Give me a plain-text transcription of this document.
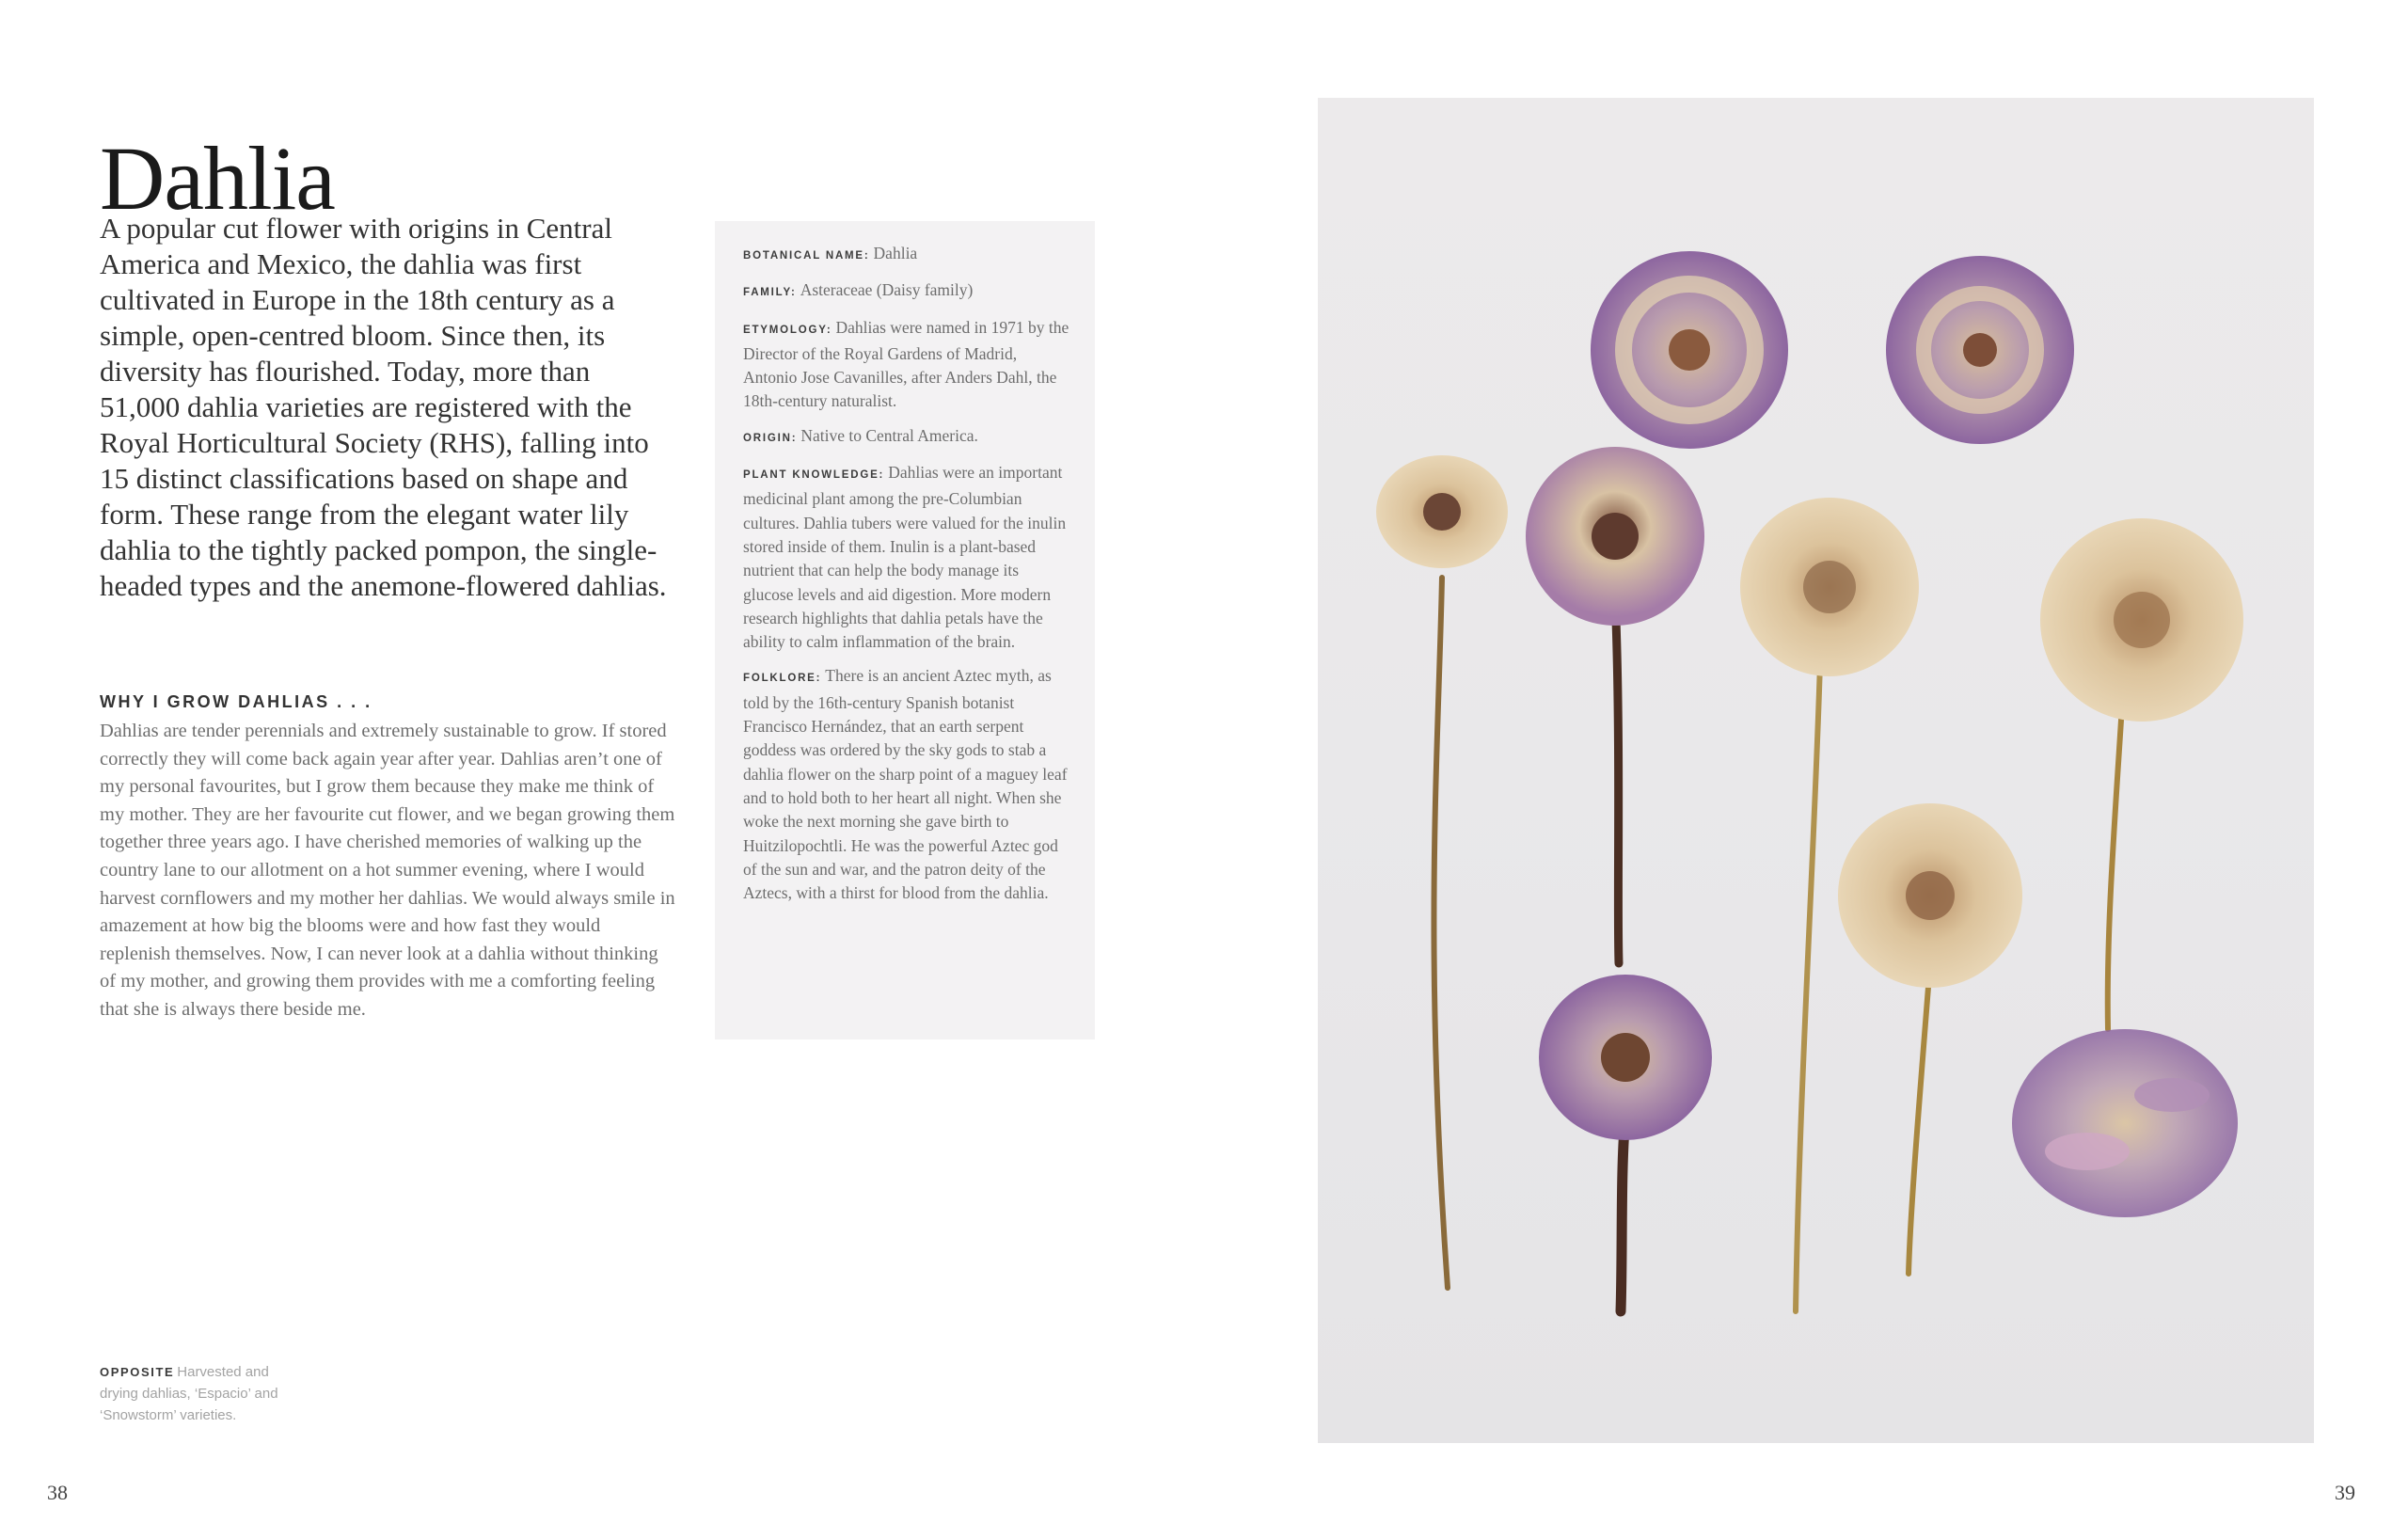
Dahlia

A popular cut flower with origins in Central America and Mexico, the dahlia was first cultivated in Europe in the 18th century as a simple, open-centred bloom. Since then, its diversity has flourished. Today, more than 51,000 dahlia varieties are registered with the Royal Horticultural Society (RHS), falling into 15 distinct classifications based on shape and form. These range from the elegant water lily dahlia to the tightly packed pompon, the single-headed types and the anemone-flowered dahlias.

WHY I GROW DAHLIAS . . .

Dahlias are tender perennials and extremely sustainable to grow. If stored correctly they will come back again year after year. Dahlias aren’t one of my personal favourites, but I grow them because they make me think of my mother. They are her favourite cut flower, and we began growing them together three years ago. I have cherished memories of walking up the country lane to our allotment on a hot summer evening, where I would harvest cornflowers and my mother her dahlias. We would always smile in amazement at how big the blooms were and how fast they would replenish themselves. Now, I can never look at a dahlia without thinking of my mother, and growing them provides with me a comforting feeling that she is always there beside me.

BOTANICAL NAME: Dahlia
FAMILY: Asteraceae (Daisy family)
ETYMOLOGY: Dahlias were named in 1971 by the Director of the Royal Gardens of Madrid, Antonio Jose Cavanilles, after Anders Dahl, the 18th-century naturalist.
ORIGIN: Native to Central America.
PLANT KNOWLEDGE: Dahlias were an important medicinal plant among the pre-Columbian cultures. Dahlia tubers were valued for the inulin stored inside of them. Inulin is a plant-based nutrient that can help the body manage its glucose levels and aid digestion. More modern research highlights that dahlia petals have the ability to calm inflammation of the brain.
FOLKLORE: There is an ancient Aztec myth, as told by the 16th-century Spanish botanist Francisco Hernández, that an earth serpent goddess was ordered by the sky gods to stab a dahlia flower on the sharp point of a maguey leaf and to hold both to her heart all night. When she woke the next morning she gave birth to Huitzilopochtli. He was the powerful Aztec god of the sun and war, and the patron deity of the Aztecs, with a thirst for blood from the dahlia.
OPPOSITE Harvested and drying dahlias, ‘Espacio’ and ‘Snowstorm’ varieties.
38	39
